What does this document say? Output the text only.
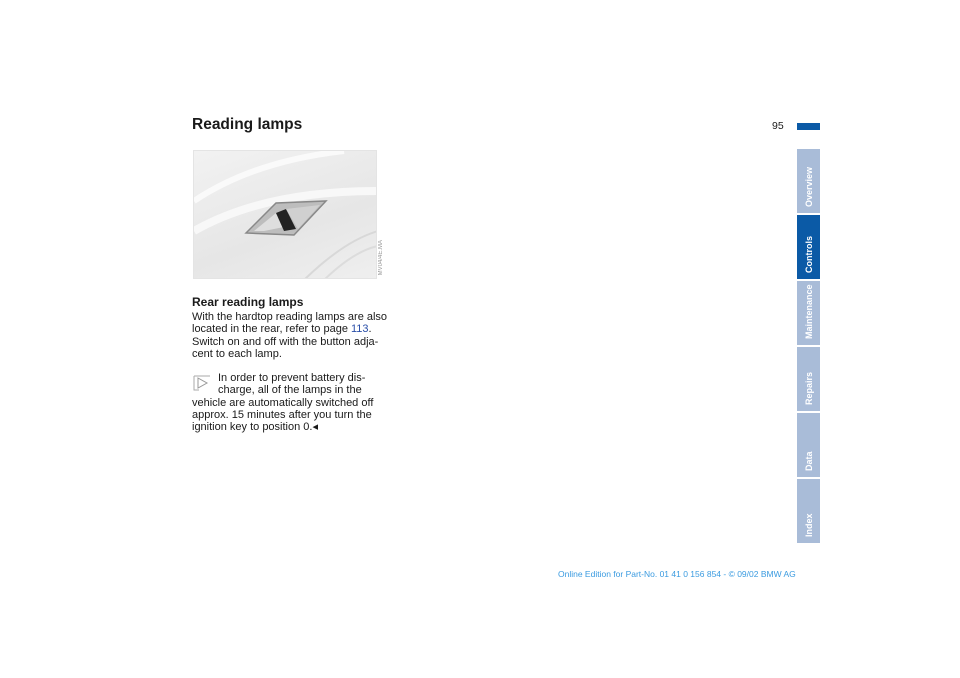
Reading lamps	95
MV04/4E.MA
Rear reading lamps
With the hardtop reading lamps are also
located in the rear, refer to page 113.
Switch on and off with the button adja-
cent to each lamp.
In order to prevent battery dis-
charge, all of the lamps in the
vehicle are automatically switched off
approx. 15 minutes after you turn the
ignition key to position 0.◂
Overview
Controls
Maintenance
Repairs
Data
Index
Online Edition for Part-No. 01 41 0 156 854 - © 09/02 BMW AG
